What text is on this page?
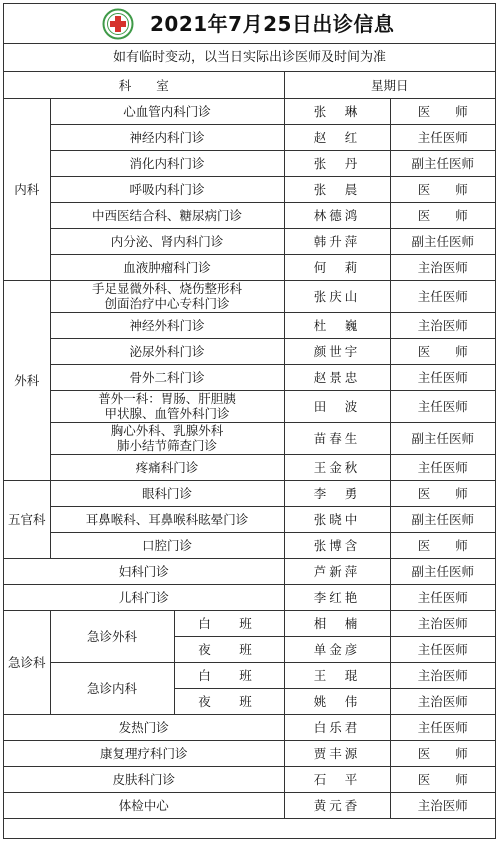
2021年7月25日出诊信息
如有临时变动，以当日实际出诊医师及时间为准
科　　室			星期日	
内科	心血管内科门诊		张　琳	医　　师
	神经内科门诊		赵　红	主任医师
	消化内科门诊		张　丹	副主任医师
	呼吸内科门诊		张　晨	医　　师
	中西医结合科、糖尿病门诊		林德鸿	医　　师
	内分泌、肾内科门诊		韩升萍	副主任医师
	血液肿瘤科门诊		何　莉	主治医师
外科	手足显微外科、烧伤整形科
创面治疗中心专科门诊		张庆山	主任医师
	神经外科门诊		杜　巍	主治医师
	泌尿外科门诊		颜世宇	医　　师
	骨外二科门诊		赵景忠	主任医师

	普外一科：胃肠、肝胆胰
甲状腺、血管外科门诊		田　波	主任医师

	胸心外科、乳腺外科
肺小结节筛查门诊		苗春生	副主任医师
	疼痛科门诊		王金秋	主任医师
五官科	眼科门诊		李　勇	医　　师
	耳鼻喉科、耳鼻喉科眩晕门诊		张晓中	副主任医师
	口腔门诊		张博含	医　　师
妇科门诊			芦新萍	副主任医师
儿科门诊			李红艳	主任医师
急诊科	急诊外科	白　班	相　楠	主治医师
		夜　班	单金彦	主任医师
	急诊内科	白　班	王　琨	主治医师
		夜　班	姚　伟	主治医师
发热门诊			白乐君	主任医师
康复理疗科门诊			贾丰源	医　　师
皮肤科门诊			石　平	医　　师
体检中心			黄元香	主治医师
